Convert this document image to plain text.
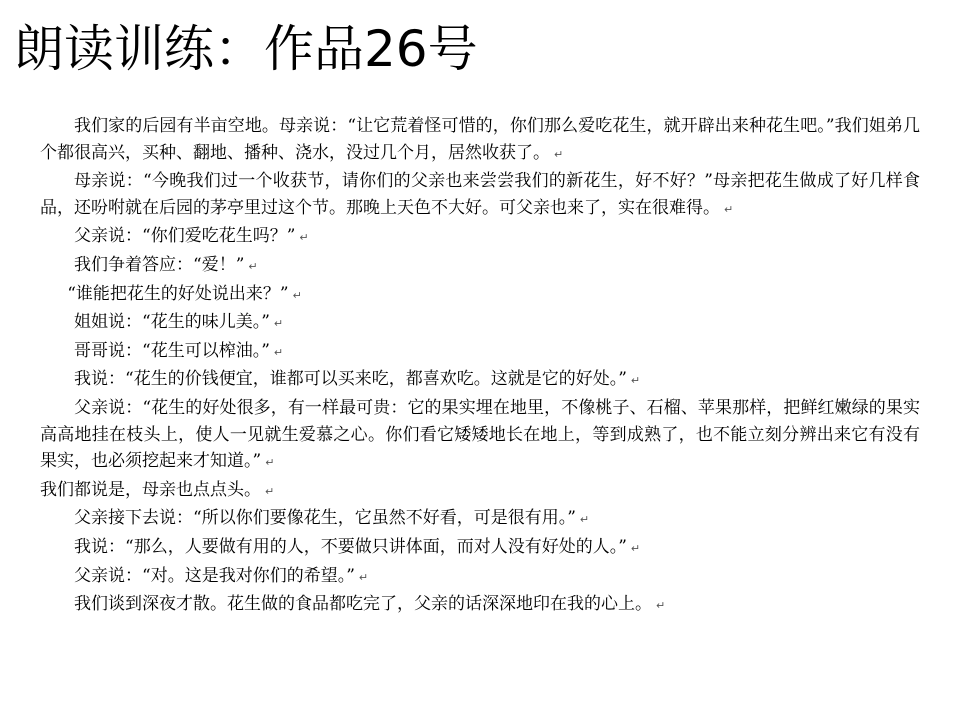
朗读训练：作品26号

我们家的后园有半亩空地。母亲说：“让它荒着怪可惜的，你们那么爱吃花生，就开辟出来种花生吧。”我们姐弟几个都很高兴，买种、翻地、播种、浇水，没过几个月，居然收获了。 ↵

母亲说：“今晚我们过一个收获节，请你们的父亲也来尝尝我们的新花生，好不好？”母亲把花生做成了好几样食品，还吩咐就在后园的茅亭里过这个节。那晚上天色不大好。可父亲也来了，实在很难得。 ↵

父亲说：“你们爱吃花生吗？” ↵

我们争着答应：“爱！” ↵

“谁能把花生的好处说出来？” ↵

姐姐说：“花生的味儿美。” ↵

哥哥说：“花生可以榨油。” ↵

我说：“花生的价钱便宜，谁都可以买来吃，都喜欢吃。这就是它的好处。” ↵

父亲说：“花生的好处很多，有一样最可贵：它的果实埋在地里，不像桃子、石榴、苹果那样，把鲜红嫩绿的果实高高地挂在枝头上，使人一见就生爱慕之心。你们看它矮矮地长在地上，等到成熟了，也不能立刻分辨出来它有没有果实，也必须挖起来才知道。” ↵

我们都说是，母亲也点点头。 ↵

父亲接下去说：“所以你们要像花生，它虽然不好看，可是很有用。” ↵

我说：“那么，人要做有用的人，不要做只讲体面，而对人没有好处的人。” ↵

父亲说：“对。这是我对你们的希望。” ↵

我们谈到深夜才散。花生做的食品都吃完了，父亲的话深深地印在我的心上。 ↵
